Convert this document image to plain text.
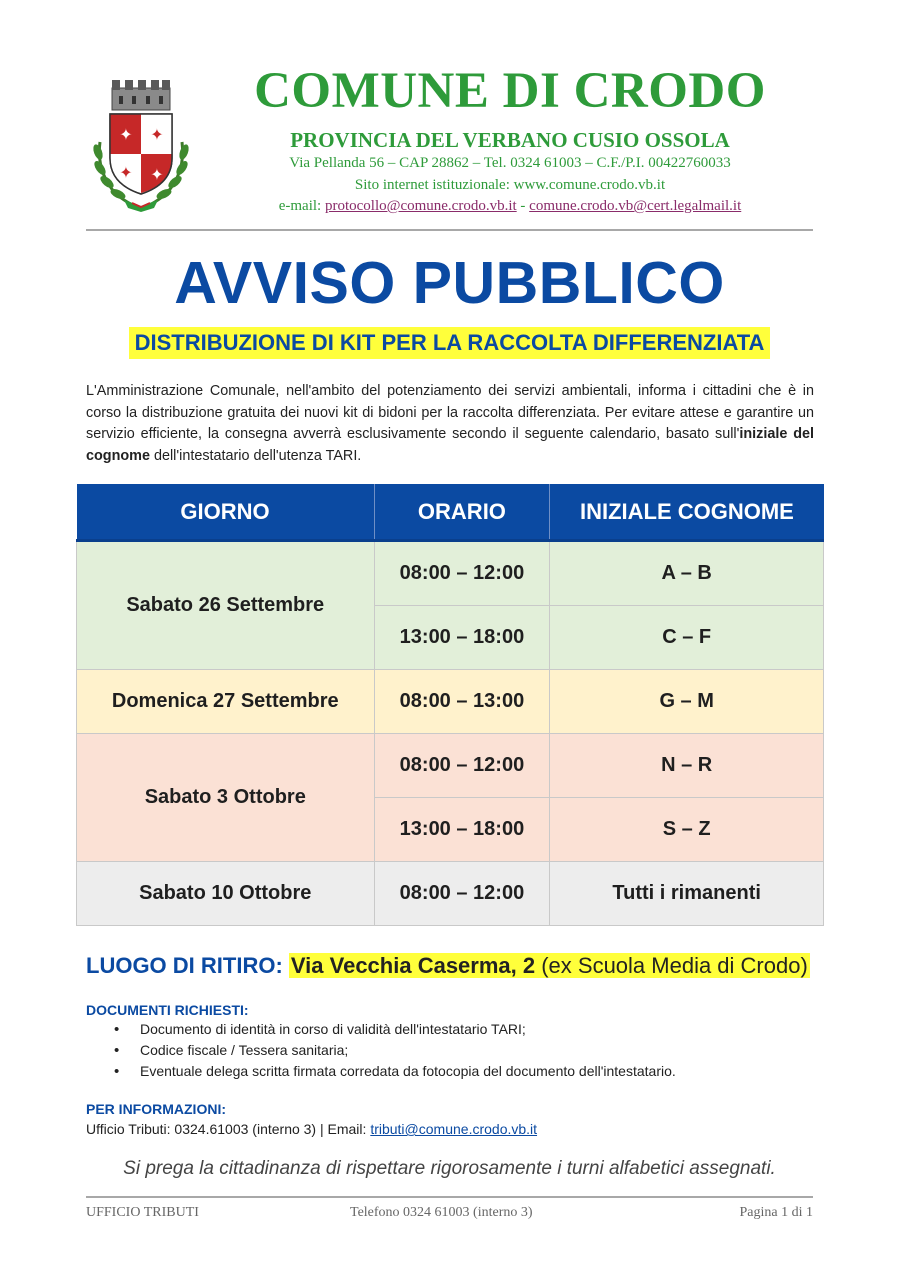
✦
✦
✦
✦
COMUNE DI CRODO
PROVINCIA DEL VERBANO CUSIO OSSOLA
Via Pellanda 56 – CAP 28862 – Tel. 0324 61003 – C.F./P.I. 00422760033
Sito internet istituzionale: www.comune.crodo.vb.it
e-mail: protocollo@comune.crodo.vb.it - comune.crodo.vb@cert.legalmail.it
AVVISO PUBBLICO
DISTRIBUZIONE DI KIT PER LA RACCOLTA DIFFERENZIATA
L'Amministrazione Comunale, nell'ambito del potenziamento dei servizi ambientali, informa i cittadini che è in corso la distribuzione gratuita dei nuovi kit di bidoni per la raccolta differenziata. Per evitare attese e garantire un servizio efficiente, la consegna avverrà esclusivamente secondo il seguente calendario, basato sull'iniziale del cognome dell'intestatario dell'utenza TARI.
GIORNO	ORARIO	INIZIALE COGNOME
Sabato 26 Settembre	08:00 – 12:00	A – B
	13:00 – 18:00	C – F
Domenica 27 Settembre	08:00 – 13:00	G – M
Sabato 3 Ottobre	08:00 – 12:00	N – R
	13:00 – 18:00	S – Z
Sabato 10 Ottobre	08:00 – 12:00	Tutti i rimanenti
LUOGO DI RITIRO: Via Vecchia Caserma, 2 (ex Scuola Media di Crodo)
DOCUMENTI RICHIESTI:
• Documento di identità in corso di validità dell'intestatario TARI;
• Codice fiscale / Tessera sanitaria;
• Eventuale delega scritta firmata corredata da fotocopia del documento dell'intestatario.
PER INFORMAZIONI:
Ufficio Tributi: 0324.61003 (interno 3) | Email: tributi@comune.crodo.vb.it
Si prega la cittadinanza di rispettare rigorosamente i turni alfabetici assegnati.
UFFICIO TRIBUTI	Telefono 0324 61003 (interno 3)	Pagina 1 di 1
